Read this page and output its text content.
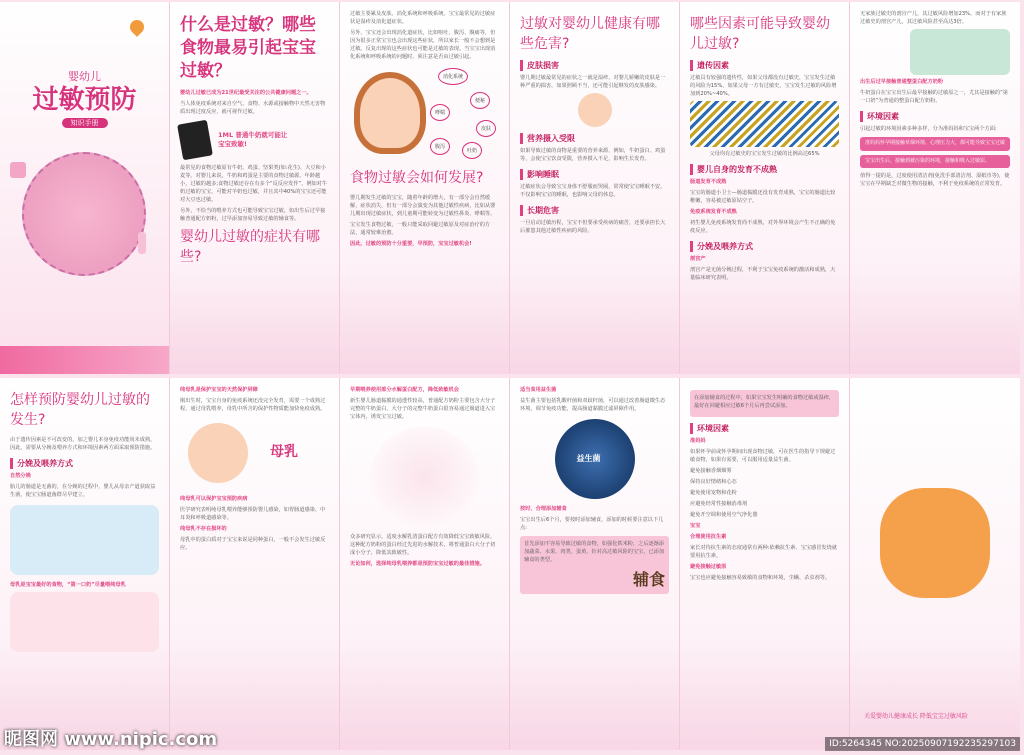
婴幼儿
过敏预防
知识手册
什么是过敏？哪些食物最易引起宝宝过敏？
婴幼儿过敏已成为21世纪最受关注的公共健康问题之一。
当人体免疫系统对来自空气、食物、水源或接触物中天然无害物质出现过度反应，就可视作过敏。
1ML 普通牛奶就可能让宝宝致敏!
最常见的食物过敏原有牛奶、鸡蛋、坚果类(如:花生)、大豆和小麦等。对婴儿来说，牛奶和鸡蛋是主要的食物过敏源。年龄越小，过敏的越多;食物过敏还存在有多个“反反应发作”，例如对牛奶过敏的宝宝，可能对羊奶也过敏，并且其中40%的宝宝还可能对大豆也过敏。
另外，不恰当的喂养方式也可能导致宝宝过敏，如出生后过早接触普通配方奶粉，过早添加容易导致过敏的辅食等。
婴幼儿过敏的症状有哪些?
过敏主要累及皮肤、消化系统和呼吸系统，宝宝最常见的过敏症状是湿疹及消化道症状。
另外，宝宝还会出现消化道症状，比如呕吐、腹泻、腹痛等，但因为很多正常宝宝也会出现这些症状，所以家长一般不会想到是过敏。反复出现的这些症状也可能是过敏的表现。当宝宝出现消化系统和呼吸系统的问题时，须注意是否由过敏引起。
消化系统
便秘
哮喘
皮肤
腹泻
吐奶
食物过敏会如何发展?
婴儿期发生过敏的宝宝，随着年龄的增大，有一部分会自然缓解，症状消失，但有一部分会演变为其他过敏性疾病，比如从婴儿期出现过敏症状，到儿童期可能转变为过敏性鼻炎、哮喘等。
宝宝发生食物过敏，一般只能采取回避过敏原及对症治疗的方法，通常较难治愈。
因此，过敏的预防十分重要，早预防，宝宝过敏机会!
过敏对婴幼儿健康有哪些危害?
皮肤损害
婴儿期过敏最常见的症状之一就是湿疹，对婴儿娇嫩的皮肤是一种严重的损害，如果照顾不当，还可能引起继发的皮肤感染。
营养摄入受限
如果导致过敏的食物是重要的营养来源，例如，牛奶蛋白、鸡蛋等，会使宝宝饮食受限，营养摄入不足，影响生长发育。
影响睡眠
过敏症状会导致宝宝身体不舒服而哭闹，常常使宝宝睡眠不安，不仅影响宝宝的睡眠，也影响父母的休息。
长期危害
一旦启动过敏历程，宝宝不但要承受疾病的痛苦，还要承担长大后罹患其他过敏性疾病的风险。
哪些因素可能导致婴幼儿过敏?
遗传因素
过敏具有较强的遗传性，如果父母都没有过敏史，宝宝发生过敏的风险为15%，如果父母一方有过敏史，宝宝发生过敏的风险增加到20%~40%。
父母均有过敏史的宝宝发生过敏的比例高达65%
婴儿自身的发育不成熟
肠道发育不成熟
宝宝的肠道小卫士—肠道黏膜还没有发育成熟，宝宝的肠道比较稚嫩，容易被过敏原钻空子。
免疫系统发育不成熟
初生婴儿免疫系统发育尚不成熟，对外界环境会产生不正确的免疫反应。
分娩及喂养方式
剖宫产
剖宫产是无菌分娩过程，不利于宝宝免疫系统的激活和成熟，大量临床研究表明。
无家族过敏史的剖宫产儿，其过敏风险增加23%，而对于有家族过敏史的剖宫产儿，其过敏风险甚至高达3倍。
出生后过早接触普通整蛋白配方奶粉
牛奶蛋白在宝宝出生后最早接触的过敏原之一，尤其是接触的“第一口奶”为普通的整蛋白配方奶粉。
环境因素
引起过敏的环境因素多种多样，分为准妈妈和宝宝两个方面:
准妈妈怀孕期接触草烟环境、心理压力大，都可能导致宝宝过敏
宝宝出生后，接触到被污染的环境，接触和吸入过敏原。
值得一提的是，过度使用清洁剂(免洗手部清洁剂、湿纸巾等)，使宝宝在早期缺乏对微生物的接触，不利于免疫系统的正常发育。
怎样预防婴幼儿过敏的发生?
由于遗传因素是不可改变的，加之婴儿本身免疫功能尚未成熟，因此，需要从分娩及喂养方式和环境因素两方面采取预防措施。
分娩及喂养方式
自然分娩
胎儿的肠道是无菌的，在分娩的过程中，婴儿从母亲产道获取益生菌，使宝宝肠道菌群尽早建立。
母乳是宝宝最好的食物，“第一口奶”尽量喂纯母乳
纯母乳是保护宝宝的天然保护屏障
刚出生时，宝宝自身的免疫系统还没完全发育，需要一个成熟过程，通过母乳喂养，母乳中所含的保护性物质能加快免疫成熟。
母乳
纯母乳可以保护宝宝预防疾病
医学研究表明纯母乳喂养能够预防婴儿感染，如胃肠道感染、中耳炎和呼吸道感染等。
纯母乳不存在损坏的
母乳中的蛋白质对于宝宝来说是同种蛋白，一般不会发生过敏反应。
早期喂养使用部分水解蛋白配方，降低致敏机会
新生婴儿肠道黏膜的通透性较高，普通配方奶粉主要包含大分子完整的牛奶蛋白，大分子的完整牛奶蛋白很容易通过肠道进入宝宝体内，诱发宝宝过敏。
众多研究显示，适度水解乳清蛋白配方有效降低宝宝致敏风险，这种配方奶粉的蛋白经过先进的水解技术，将普通蛋白大分子切成小分子，降低其致敏性。
无论如何，选择纯母乳喂养都是预防宝宝过敏的最佳措施。
适当食用益生菌
益生菌主要包括乳酸杆菌和双歧杆菌，可以通过改善肠道微生态环境，调节免疫功能，提高肠道黏膜过滤屏障作用。
益生菌
按时、合理添加辅食
宝宝出生后6个月，要按时添加辅食，添加的时候要注意以下几点:
首先添加不容易导致过敏的食物，如强化铁米粉，之后逐渐添加蔬菜、水果、肉类、蛋黄，针对高过敏风险的宝宝，已添加辅食的类型。
辅食
在添加辅食的过程中，如果宝宝发生明确的食物过敏或湿疹，最好在回避相应过敏6个月后再尝试添加。
环境因素
准妈妈
如果怀孕前或怀孕期间出现食物过敏，可在医生的指导下规避过敏食物，如果有需要，可以服用适量益生菌。
避免接触香烟烟雾
保持良好情绪和心态
避免使用宠物和花粉
应避免经常性接触消毒剂
避免开空调和使用空气净化器
宝宝
合理使用抗生素
家长对待抗生素的态度通常有两种:依赖抗生素、宝宝感冒发烧就要用抗生素。
避免接触过敏原
宝宝也应避免接触容易致敏的食物和环境，尘螨、杀虫剂等。
关爱婴幼儿健康成长 降低宝宝过敏风险
昵图网 www.nipic.com	ID:5264345 NO:20250907192235297103
